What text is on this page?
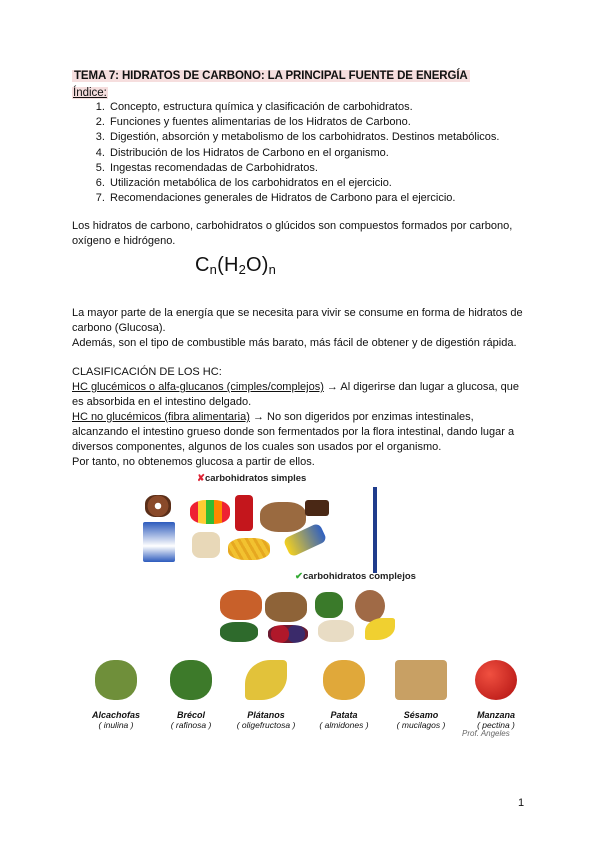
TEMA 7: HIDRATOS DE CARBONO: LA PRINCIPAL FUENTE DE ENERGÍA
Índice:
1. Concepto, estructura química y clasificación de carbohidratos.
2. Funciones y fuentes alimentarias de los Hidratos de Carbono.
3. Digestión, absorción y metabolismo de los carbohidratos. Destinos metabólicos.
4. Distribución de los Hidratos de Carbono en el organismo.
5. Ingestas recomendadas de Carbohidratos.
6. Utilización metabólica de los carbohidratos en el ejercicio.
7. Recomendaciones generales de Hidratos de Carbono para el ejercicio.

Los hidratos de carbono, carbohidratos o glúcidos son compuestos formados por carbono, oxígeno e hidrógeno.

$C_n(H_2O)_n$

La mayor parte de la energía que se necesita para vivir se consume en forma de hidratos de carbono (Glucosa).

Además, son el tipo de combustible más barato, más fácil de obtener y de digestión rápida.

CLASIFICACIÓN DE LOS HC:

HC glucémicos o alfa-glucanos (cimples/complejos) → Al digerirse dan lugar a glucosa, que es absorbida en el intestino delgado.

HC no glucémicos (fibra alimentaria) → No son digeridos por enzimas intestinales, alcanzando el intestino grueso donde son fermentados por la flora intestinal, dando lugar a diversos componentes, algunos de los cuales son usados por el organismo.

Por tanto, no obtenemos glucosa a partir de ellos.

✘carbohidratos simples
✔carbohidratos complejos
Alcachofas
( inulina )
Brécol
( rafinosa )
Plátanos
( oligefructosa )
Patata
( almidones )
Sésamo
( mucilagos )
Manzana
( pectina )
Prof. Angeles
1
